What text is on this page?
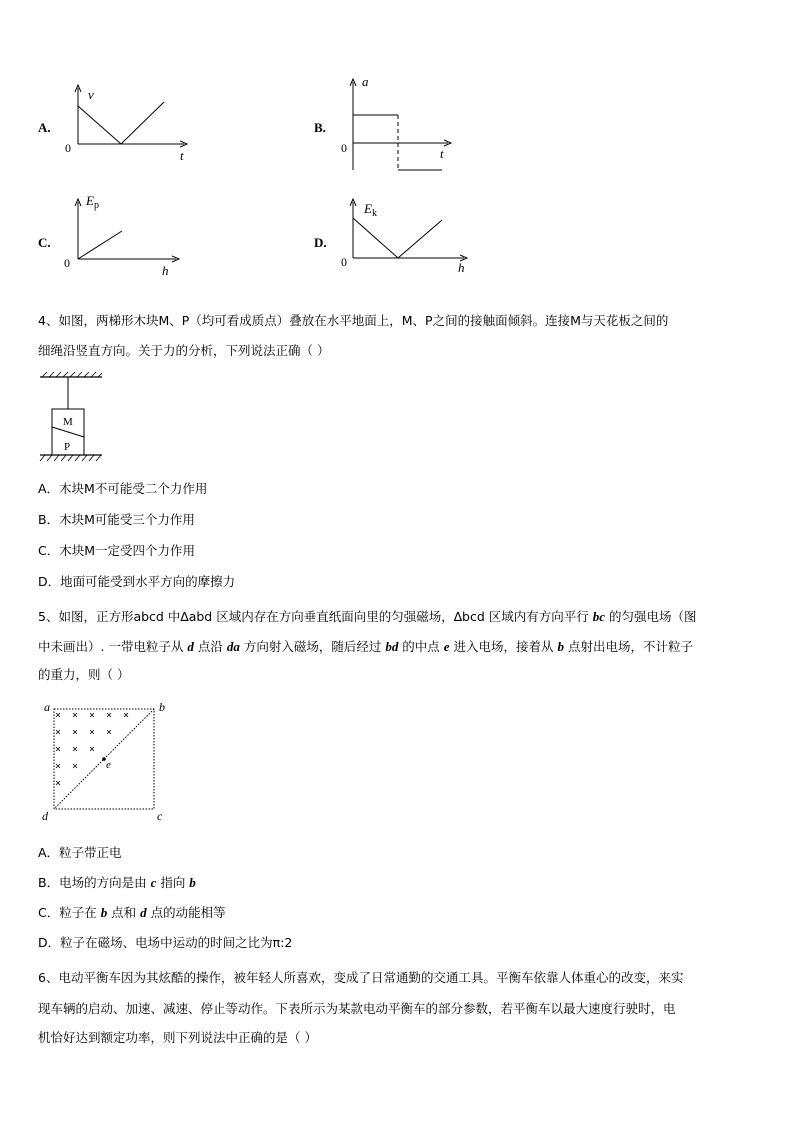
A.
v
0	t
B.
a
0	t
C.
$E_p$
0	h
D.
$E_k$
0	h
4、如图，两梯形木块M、P（均可看成质点）叠放在水平地面上，M、P之间的接触面倾斜。连接M与天花板之间的
细绳沿竖直方向。关于力的分析，下列说法正确（ ）
M
P
A．木块M不可能受二个力作用
B．木块M可能受三个力作用
C．木块M一定受四个力作用
D．地面可能受到水平方向的摩擦力
5、如图，正方形abcd 中∆abd 区域内存在方向垂直纸面向里的匀强磁场，∆bcd 区域内有方向平行 bc 的匀强电场（图
中未画出）. 一带电粒子从 d 点沿 da 方向射入磁场，随后经过 bd 的中点 e 进入电场，接着从 b 点射出电场，不计粒子
的重力，则（ ）
a	b
c
d
e
A．粒子带正电
B．电场的方向是由 c 指向 b
C．粒子在 b 点和 d 点的动能相等
D．粒子在磁场、电场中运动的时间之比为π:2
6、电动平衡车因为其炫酷的操作，被年轻人所喜欢，变成了日常通勤的交通工具。平衡车依靠人体重心的改变，来实
现车辆的启动、加速、减速、停止等动作。下表所示为某款电动平衡车的部分参数，若平衡车以最大速度行驶时，电
机恰好达到额定功率，则下列说法中正确的是（ ）
